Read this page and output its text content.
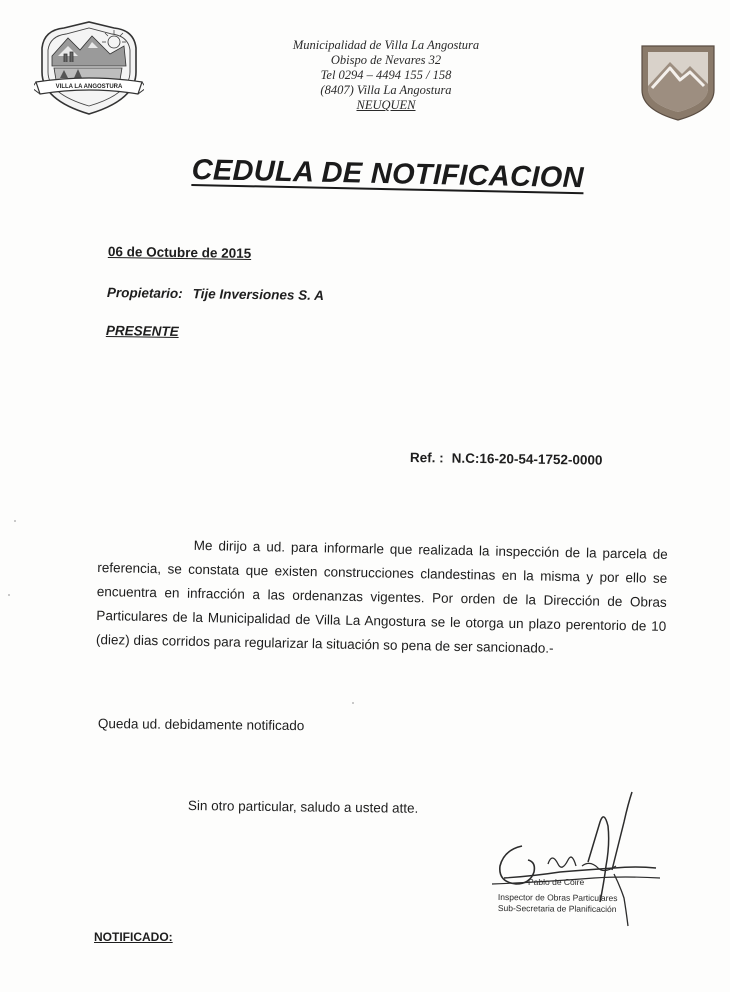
VILLA LA ANGOSTURA
Municipalidad de Villa La Angostura
Obispo de Nevares 32
Tel 0294 – 4494 155 / 158
(8407) Villa La Angostura
NEUQUEN
CEDULA DE NOTIFICACION
06 de Octubre de 2015
Propietario: Tije Inversiones S. A
PRESENTE
Ref. : N.C:16-20-54-1752-0000
Me dirijo a ud. para informarle que realizada la inspección de la parcela de referencia, se constata que existen construcciones clandestinas en la misma y por ello se encuentra en infracción a las ordenanzas vigentes. Por orden de la Dirección de Obras Particulares de la Municipalidad de Villa La Angostura se le otorga un plazo perentorio de 10 (diez) dias corridos para regularizar la situación so pena de ser sancionado.-
Queda ud. debidamente notificado
Sin otro particular, saludo a usted atte.
Pablo de Coire
Inspector de Obras Particulares
Sub-Secretaria de Planificación
NOTIFICADO:
